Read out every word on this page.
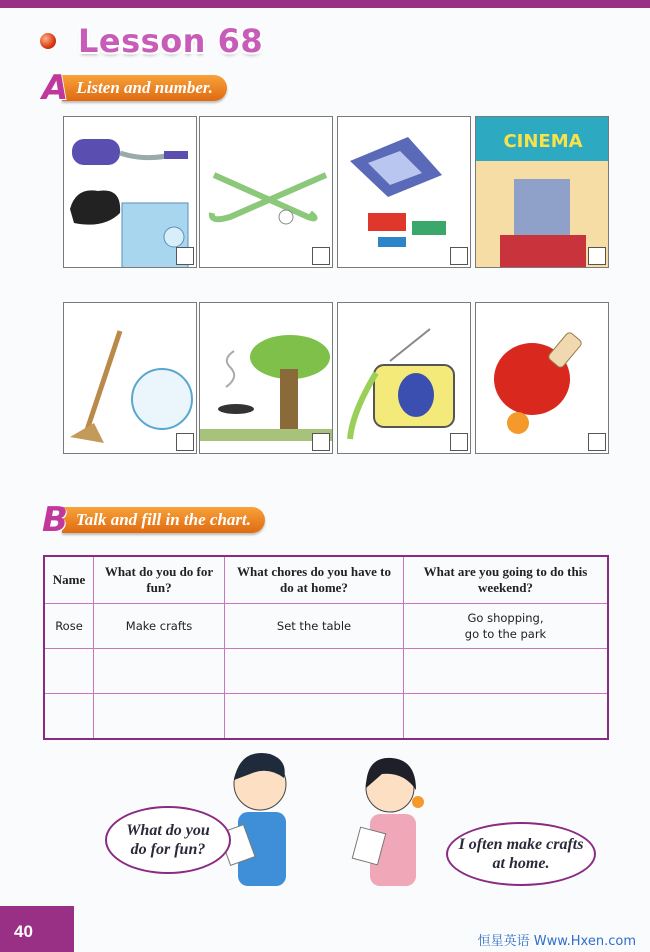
Lesson 68
A Listen and number.
CINEMA
B Talk and fill in the chart.
Name	What do you do for fun?	What chores do you have to do at home?	What are you going to do this weekend?
Rose	Make crafts	Set the table	Go shopping,
go to the park

What do you do for fun?	I often make crafts at home.
40
恒星英语 Www.Hxen.com
